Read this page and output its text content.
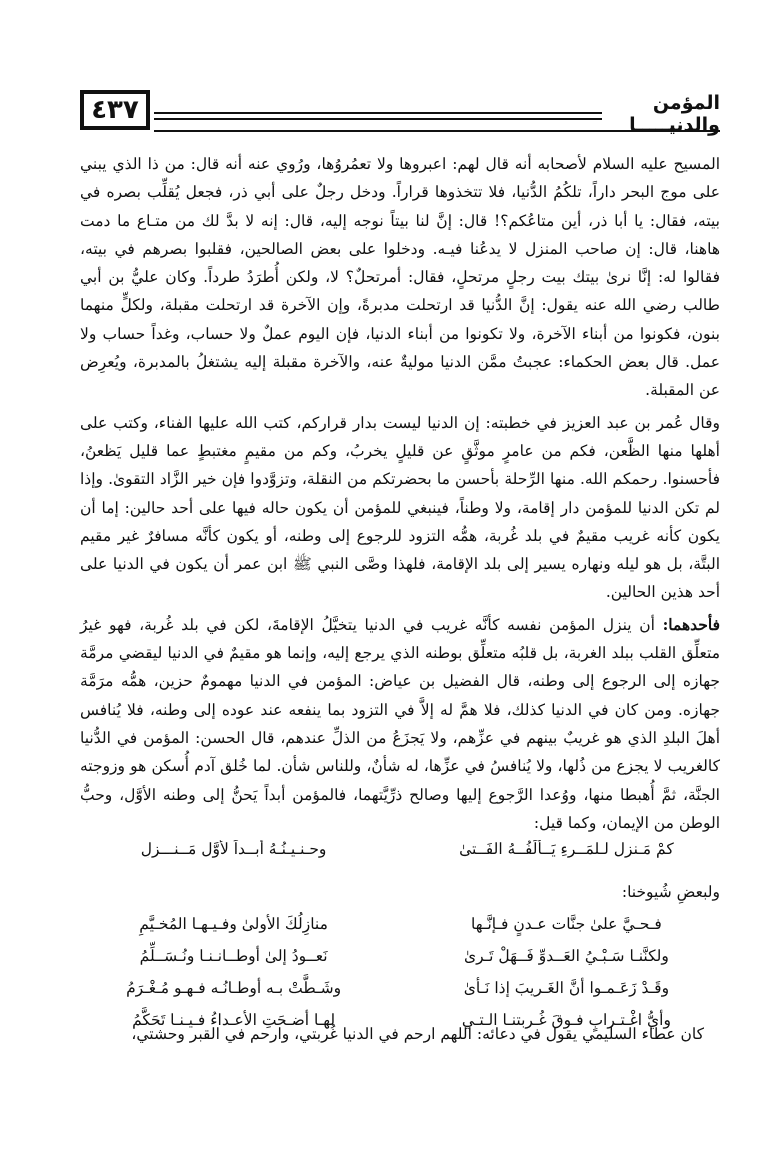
٤٣٧	المؤمن والدنيـــــا

المسيح عليه السلام لأصحابه أنه قال لهم: اعبروها ولا تعمُروُها، ورُوي عنه أنه قال: من ذا الذي يبني على موج البحر داراً، تلكُمُ الدُّنيا، فلا تتخذوها قراراً. ودخل رجلٌ على أبي ذر، فجعل يُقلِّب بصره في بيته، فقال: يا أبا ذر، أين متاعُكم؟! قال: إنَّ لنا بيتاً نوجه إليه، قال: إنه لا بدَّ لك من متـاع ما دمت هاهنا، قال: إن صاحب المنزل لا يدعُنا فيـه. ودخلوا على بعض الصالحين، فقلبوا بصرهم في بيته، فقالوا له: إنَّا نرىٰ بيتك بيت رجلٍ مرتحلٍ، فقال: أمرتحلٌ؟ لا، ولكن أُطرَدُ طرداً. وكان عليُّ بن أبي طالب رضي الله عنه يقول: إنَّ الدُّنيا قد ارتحلت مدبرةً، وإن الآخرة قد ارتحلت مقبلة، ولكلٍّ منهما بنون، فكونوا من أبناء الآخرة، ولا تكونوا من أبناء الدنيا، فإن اليوم عملٌ ولا حساب، وغداً حساب ولا عمل. قال بعض الحكماء: عجبتُ ممَّن الدنيا موليةٌ عنه، والآخرة مقبلة إليه يشتغلُ بالمدبرة، ويُعرِض عن المقبلة.

وقال عُمر بن عبد العزيز في خطبته: إن الدنيا ليست بدار قراركم، كتب الله عليها الفناء، وكتب على أهلها منها الظَّعن، فكم من عامرٍ موثَّقٍ عن قليلٍ يخربُ، وكم من مقيمٍ مغتبطٍ عما قليل يَظعنُ، فأحسنوا. رحمكم الله. منها الرِّحلة بأحسن ما بحضرتكم من النقلة، وتزوَّدوا فإن خير الزَّاد التقوىٰ. وإذا لم تكن الدنيا للمؤمن دار إقامة، ولا وطناً، فينبغي للمؤمن أن يكون حاله فيها على أحد حالين: إما أن يكون كأنه غريب مقيمٌ في بلد غُربة، همُّه التزود للرجوع إلى وطنه، أو يكون كأنَّه مسافرٌ غير مقيم البتَّة، بل هو ليله ونهاره يسير إلى بلد الإقامة، فلهذا وصَّى النبي ﷺ ابن عمر أن يكون في الدنيا على أحد هذين الحالين.

فأحدهما: أن ينزل المؤمن نفسه كأنَّه غريب في الدنيا يتخيَّلُ الإقامةَ، لكن في بلد غُربة، فهو غيرُ متعلِّق القلب ببلد الغربة، بل قلبُه متعلِّق بوطنه الذي يرجع إليه، وإنما هو مقيمٌ في الدنيا ليقضي مرمَّة جهازه إلى الرجوع إلى وطنه، قال الفضيل بن عياض: المؤمن في الدنيا مهمومٌ حزين، همُّه مرَمَّة جهازه. ومن كان في الدنيا كذلك، فلا همَّ له إلاَّ في التزود بما ينفعه عند عوده إلى وطنه، فلا يُنافس أهلَ البلدِ الذي هو غريبٌ بينهم في عزِّهم، ولا يَجزَعُ من الذلِّ عندهم، قال الحسن: المؤمن في الدُّنيا كالغريب لا يجزع من ذُلها، ولا يُنافسُ في عزِّها، له شأنٌ، وللناس شأن. لما خُلق آدم أُسكن هو وزوجته الجنَّة، ثمَّ أُهبطا منها، ووُعدا الرَّجوع إليها وصالح ذرِّيَّتهما، فالمؤمن أبداً يَحنُّ إلى وطنه الأوَّل، وحبُّ الوطن من الإيمان، وكما قيل:

كمْ مَـنزِل لـلمَــرءِ يَــألَفُــهُ الفَــتىٰ
وحـنـيـنُـهُ أبــداً لأوَّل مَــنـــزِلِ
ولبعضِ شُيوخنا:
فـحـيَّ علىٰ جنَّات عـدنٍ فـإنَّـها
منازِلُكَ الأولىٰ وفـيـهـا المُخـيَّمِ
ولكنَّنـا سَـبْـيُ العَــدوِّ فَــهَلْ تَـرىٰ
نَعــودُ إلىٰ أوطــانـنـا ونُـسَــلِّمُ
وقَـدْ زَعَـمـوا أنَّ الغَـريبَ إذا نَـأىٰ
وشَـطَّتْ بـه أوطـانُـه فـهـو مُـغْـرَمُ
وأيُّ اغْـتـرابٍ فـوقَ غُـربتنـا الـتـي
لهـا أضـحَتِ الأعـداءُ فـيـنـا تَحَكَّمُ
كان عطاء السليمي يقول في دعائه: اللهم ارحم في الدنيا غُربتي، وارحم في القبر وحشتي،
